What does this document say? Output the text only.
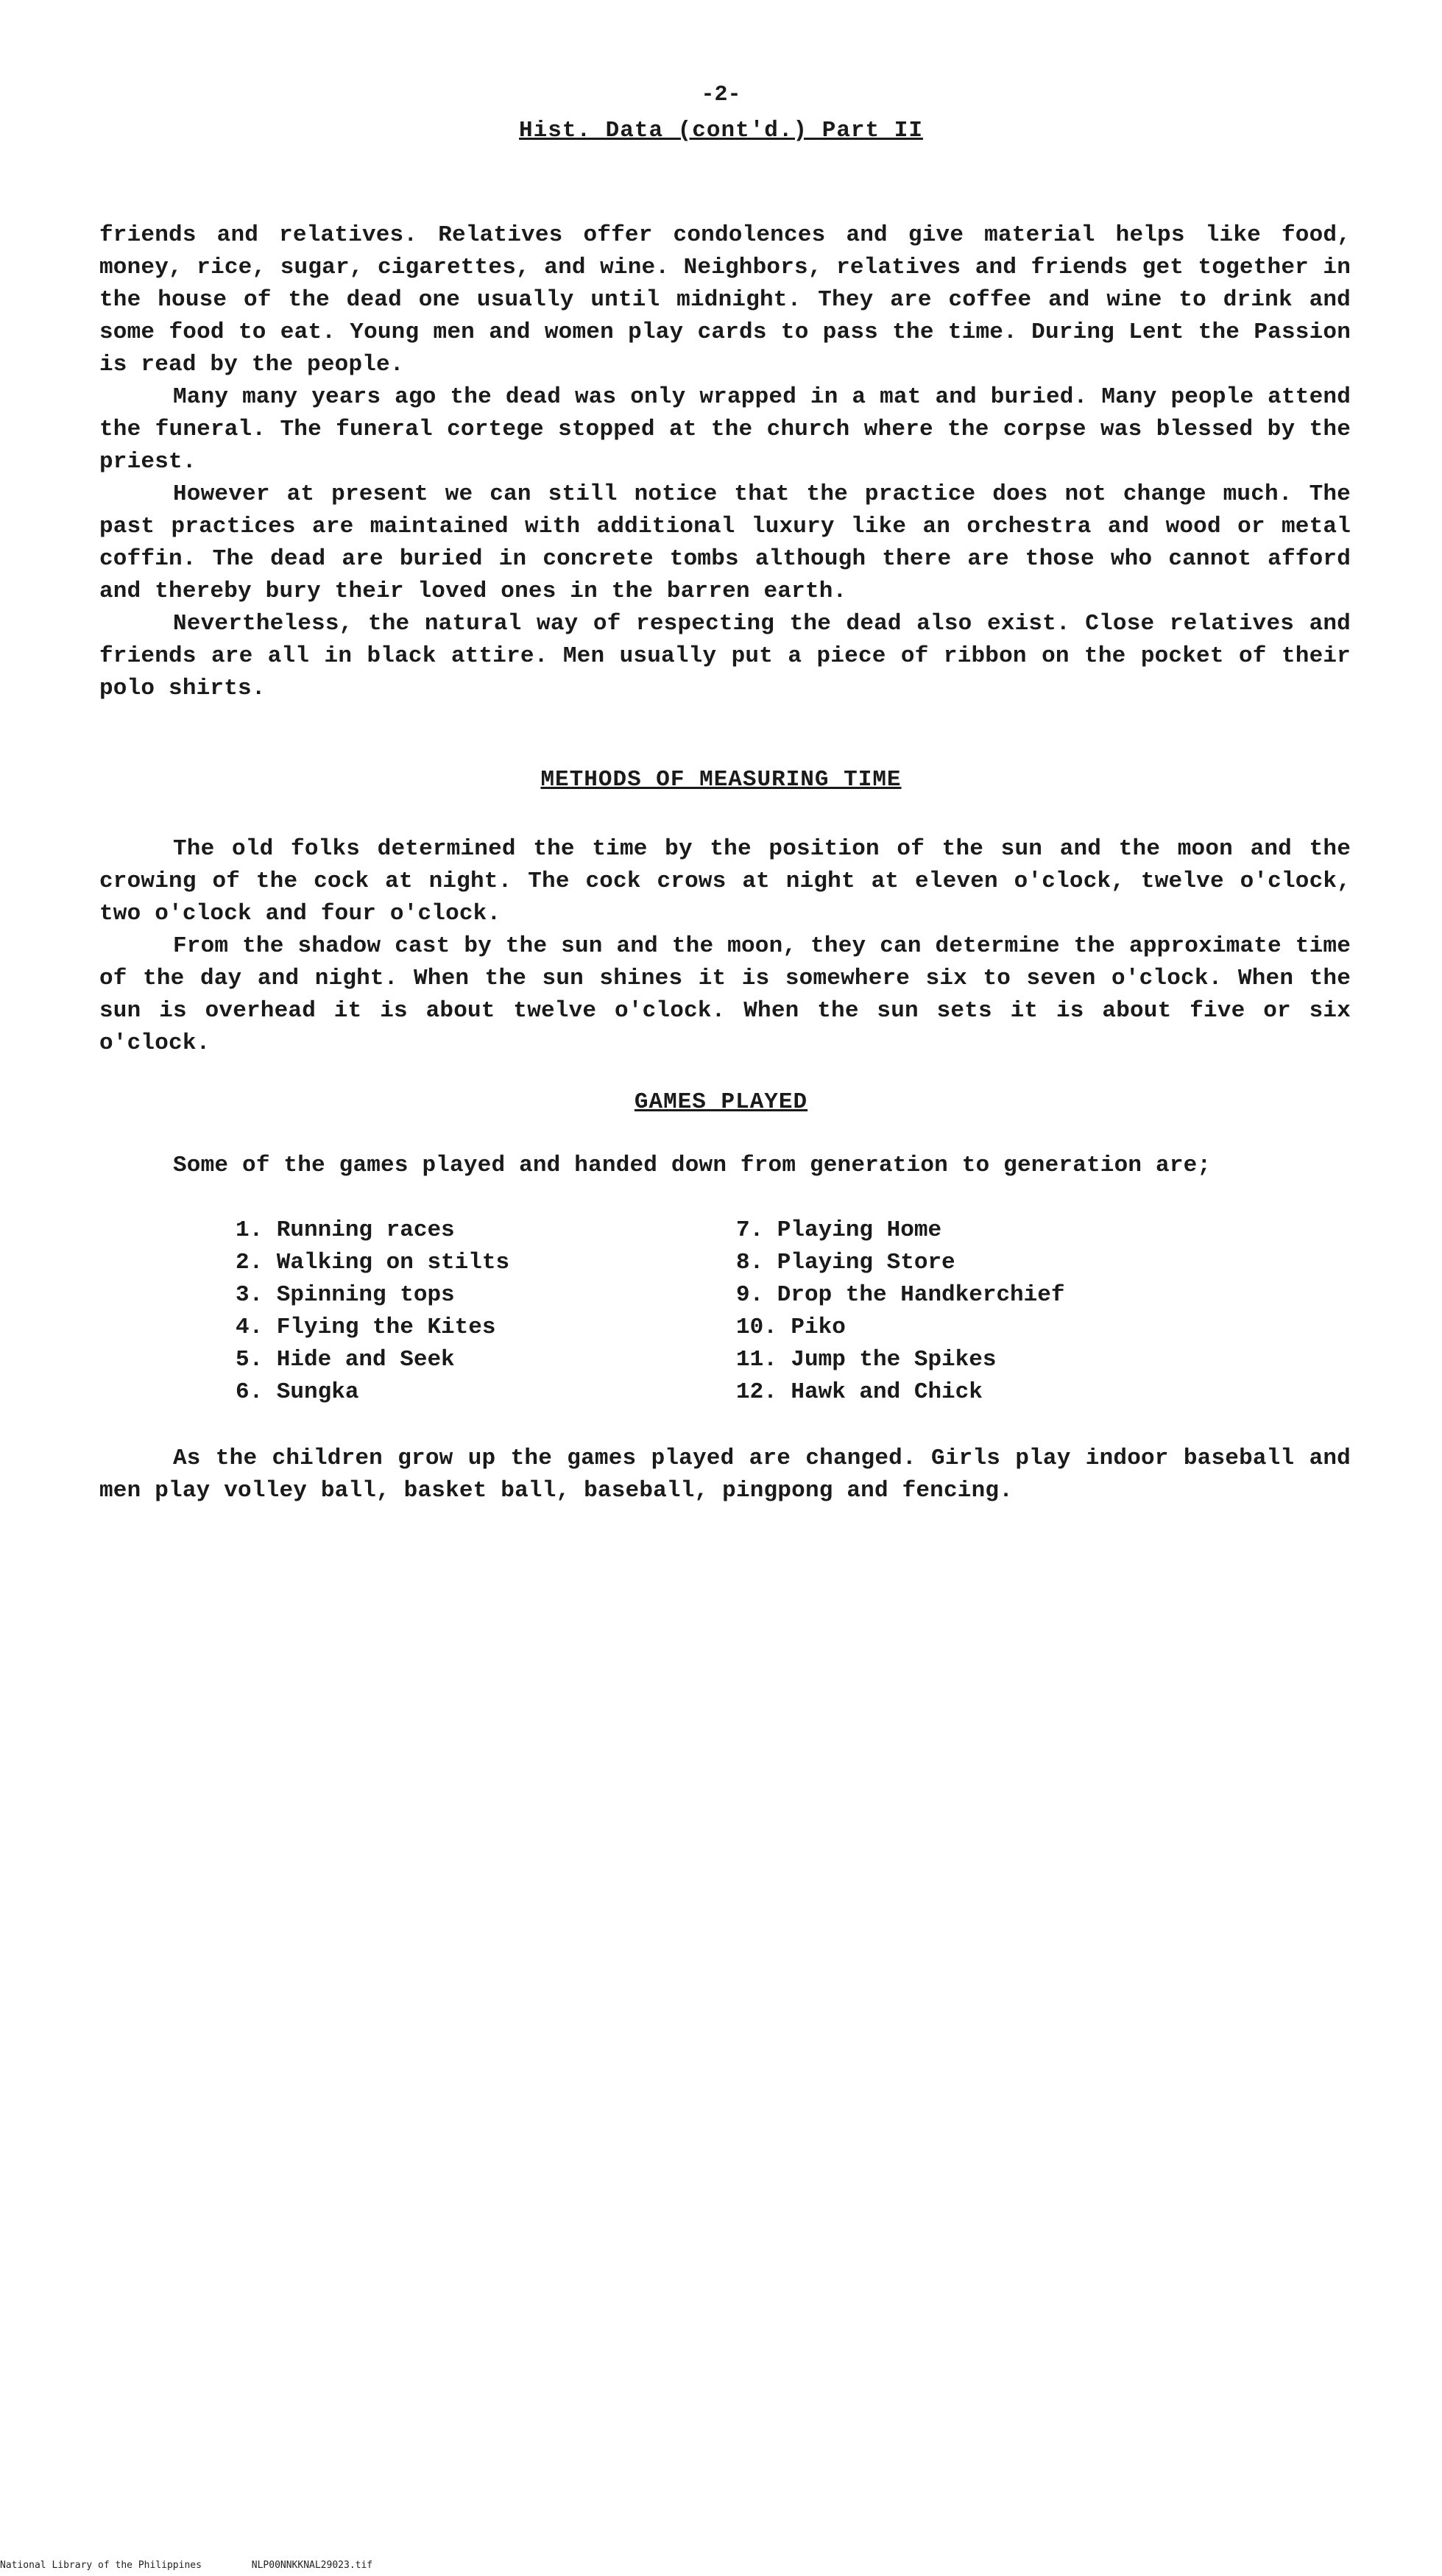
-2-
Hist. Data (cont'd.) Part II

friends and relatives. Relatives offer condolences and give material helps like food, money, rice, sugar, cigarettes, and wine. Neighbors, relatives and friends get together in the house of the dead one usually until midnight. They are coffee and wine to drink and some food to eat. Young men and women play cards to pass the time. During Lent the Passion is read by the people.

Many many years ago the dead was only wrapped in a mat and buried. Many people attend the funeral. The funeral cortege stopped at the church where the corpse was blessed by the priest.

However at present we can still notice that the practice does not change much. The past practices are maintained with additional luxury like an orchestra and wood or metal coffin. The dead are buried in concrete tombs although there are those who cannot afford and thereby bury their loved ones in the barren earth.

Nevertheless, the natural way of respecting the dead also exist. Close relatives and friends are all in black attire. Men usually put a piece of ribbon on the pocket of their polo shirts.

METHODS OF MEASURING TIME

The old folks determined the time by the position of the sun and the moon and the crowing of the cock at night. The cock crows at night at eleven o'clock, twelve o'clock, two o'clock and four o'clock.

From the shadow cast by the sun and the moon, they can determine the approximate time of the day and night. When the sun shines it is somewhere six to seven o'clock. When the sun is overhead it is about twelve o'clock. When the sun sets it is about five or six o'clock.

GAMES PLAYED

Some of the games played and handed down from generation to generation are;

1. Running races
2. Walking on stilts
3. Spinning tops
4. Flying the Kites
5. Hide and Seek
6. Sungka
7. Playing Home
8. Playing Store
9. Drop the Handkerchief
10. Piko
11. Jump the Spikes
12. Hawk and Chick

As the children grow up the games played are changed. Girls play indoor baseball and men play volley ball, basket ball, baseball, pingpong and fencing.

National Library of the Philippines	NLP00NNKKNAL29023.tif
